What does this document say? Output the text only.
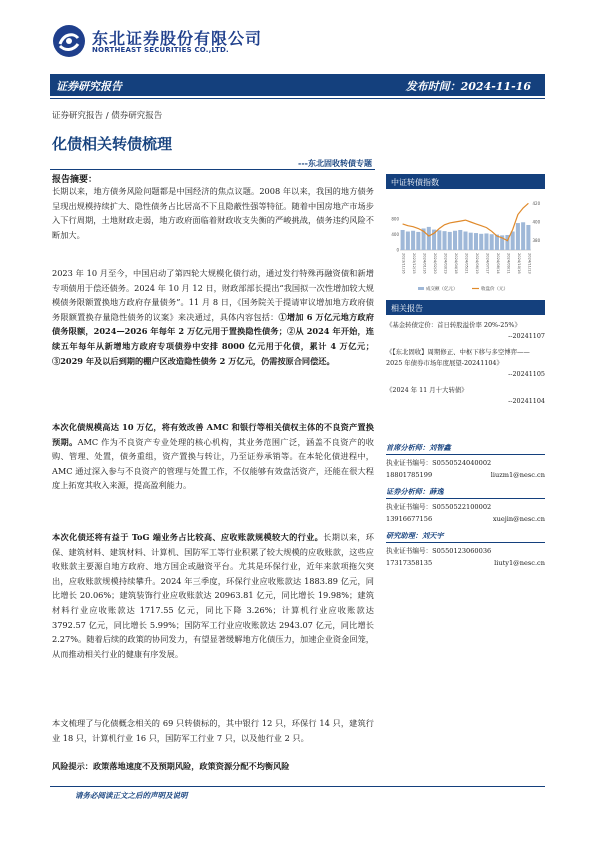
东北证券股份有限公司
NORTHEAST SECURITIES CO.,LTD.
证券研究报告	发布时间：2024-11-16
证券研究报告 / 债券研究报告
化债相关转债梳理
---东北固收转债专题
报告摘要：
长期以来，地方债务风险问题都是中国经济的焦点议题。2008 年以来，我国的地方债务呈现出规模持续扩大、隐性债务占比居高不下且隐蔽性强等特征。随着中国房地产市场步入下行周期，土地财政走弱，地方政府面临着财政收支失衡的严峻挑战，债务违约风险不断加大。
2023 年 10 月至今，中国启动了第四轮大规模化债行动，通过发行特殊再融资债和新增专项债用于偿还债务。2024 年 10 月 12 日，财政部部长提出“我国拟一次性增加较大规模债务限额置换地方政府存量债务”。11 月 8 日，《国务院关于提请审议增加地方政府债务限额置换存量隐性债务的议案》来决通过，具体内容包括：①增加 6 万亿元地方政府债务限额，2024—2026 年每年 2 万亿元用于置换隐性债务；②从 2024 年开始，连续五年每年从新增地方政府专项债券中安排 8000 亿元用于化债，累计 4 万亿元；③2029 年及以后到期的棚户区改造隐性债务 2 万亿元，仍需按原合同偿还。
本次化债规模高达 10 万亿，将有效改善 AMC 和银行等相关债权主体的不良资产置换预期。AMC 作为不良资产专业处理的核心机构，其业务范围广泛，涵盖不良资产的收购、管理、处置，债务重组，资产置换与转让，乃至证券承销等。在本轮化债进程中，AMC 通过深入参与不良资产的管理与处置工作，不仅能够有效盘活资产，还能在很大程度上拓宽其收入来源，提高盈利能力。
本次化债还将有益于 ToG 端业务占比较高、应收账款规模较大的行业。长期以来，环保、建筑材料、建筑材料、计算机、国防军工等行业积累了较大规模的应收账款，这些应收账款主要源自地方政府、地方国企或融资平台。尤其是环保行业，近年来款项拖欠突出，应收账款规模持续攀升。2024 年三季度，环保行业应收账款达 1883.89 亿元，同比增长 20.06%；建筑装饰行业应收账款达 20963.81 亿元，同比增长 19.98%；建筑材料行业应收账款达 1717.55 亿元，同比下降 3.26%；计算机行业应收账款达 3792.57 亿元，同比增长 5.99%；国防军工行业应收账款达 2943.07 亿元，同比增长 2.27%。随着后续的政策的协同发力，有望显著缓解地方化债压力，加速企业资金回笼，从而推动相关行业的健康有序发展。
本文梳理了与化债概念相关的 69 只转债标的，其中银行 12 只，环保行 14 只，建筑行业 18 只，计算机行业 16 只，国防军工行业 7 只，以及他行业 2 只。
风险提示：政策落地速度不及预期风险，政策资源分配不均衡风险
中证转债指数
2023/11/16 2023/12/15 2024/01/16 2024/02/20 2024/03/19 2024/04/18 2024/05/21 2024/06/19 2024/07/17 2024/08/14 2024/09/11 2024/10/16 2024/11/13
0
400
800
380
400
420
成交额（亿元）	收盘价（元）
相关报告
《基金转债定价：首日转股溢价率 20%-25%》
--20241107
《【东北固收】周期修正、中枢下移与多空博弈——2025 年债券市场年度展望-20241104》
--20241105
《2024 年 11 月十大转债》
--20241104
首席分析师：刘智鑫
执业证书编号：S0550524040002
18801785199	liuzm1@nesc.cn
证券分析师：薛逸
执业证书编号：S0550522100002
13916677156	xuejin@nesc.cn
研究助理：刘天宇
执业证书编号：S0550123060036
17317358135	liuty1@nesc.cn
请务必阅读正文之后的声明及说明
